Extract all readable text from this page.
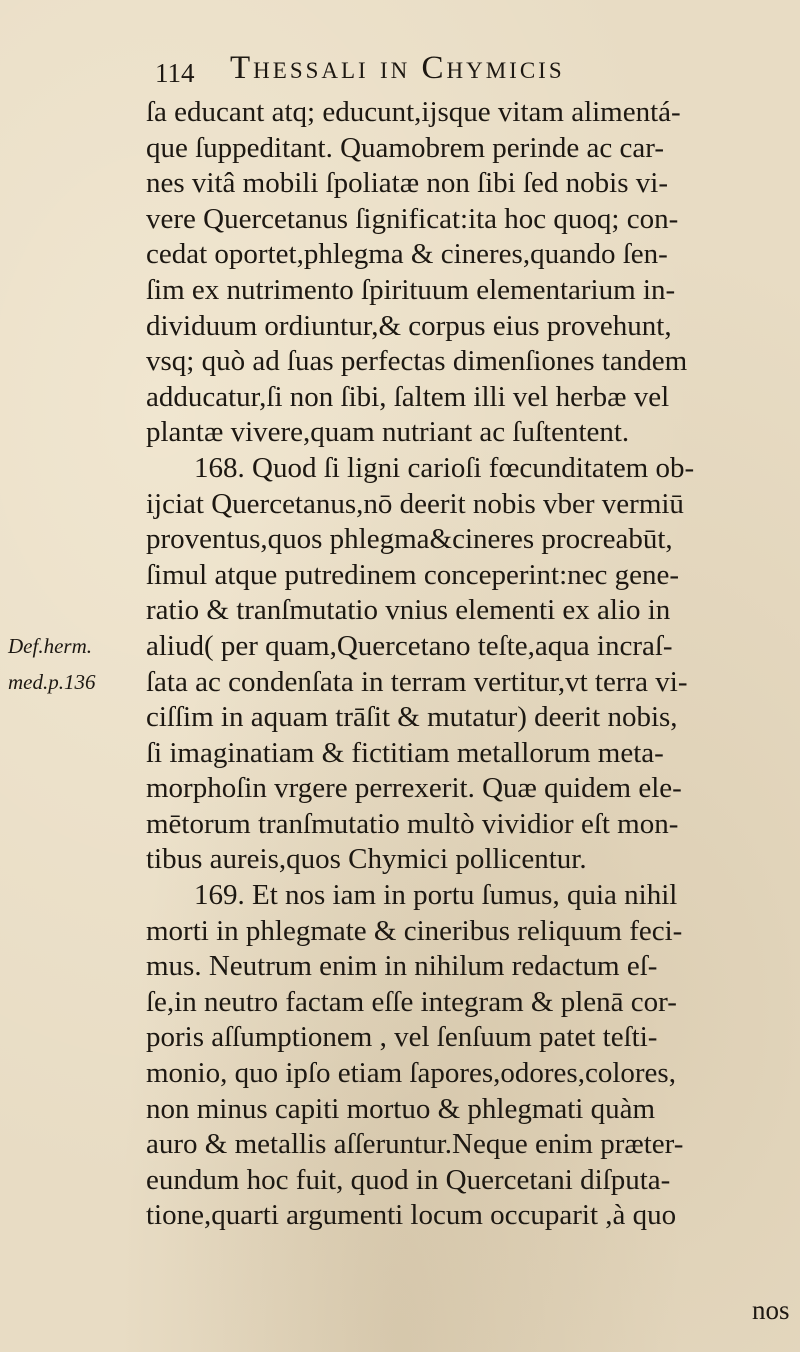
114 Thessali in Chymicis
ſa educant atq; educunt,ijsque vitam alimentá-
que ſuppeditant. Quamobrem perinde ac car-
nes vitâ mobili ſpoliatæ non ſibi ſed nobis vi-
vere Quercetanus ſignificat:ita hoc quoq; con-
cedat oportet,phlegma & cineres,quando ſen-
ſim ex nutrimento ſpirituum elementarium in-
dividuum ordiuntur,& corpus eius provehunt,
vsq; quò ad ſuas perfectas dimenſiones tandem
adducatur,ſi non ſibi, ſaltem illi vel herbæ vel
plantæ vivere,quam nutriant ac ſuſtentent.
168. Quod ſi ligni carioſi fœcunditatem ob-
ijciat Quercetanus,nō deerit nobis vber vermiū
proventus,quos phlegma&cineres procreabūt,
ſimul atque putredinem conceperint:nec gene-
ratio & tranſmutatio vnius elementi ex alio in
aliud( per quam,Quercetano teſte,aqua incraſ-
ſata ac condenſata in terram vertitur,vt terra vi-
ciſſim in aquam trāſit & mutatur) deerit nobis,
ſi imaginatiam & fictitiam metallorum meta-
morphoſin vrgere perrexerit. Quæ quidem ele-
mētorum tranſmutatio multò vividior eſt mon-
tibus aureis,quos Chymici pollicentur.
169. Et nos iam in portu ſumus, quia nihil
morti in phlegmate & cineribus reliquum feci-
mus. Neutrum enim in nihilum redactum eſ-
ſe,in neutro factam eſſe integram & plenā cor-
poris aſſumptionem , vel ſenſuum patet teſti-
monio, quo ipſo etiam ſapores,odores,colores,
non minus capiti mortuo & phlegmati quàm
auro & metallis aſſeruntur.Neque enim præter-
eundum hoc fuit, quod in Quercetani diſputa-
tione,quarti argumenti locum occuparit ,à quo
Def.herm.
med.p.136
nos
